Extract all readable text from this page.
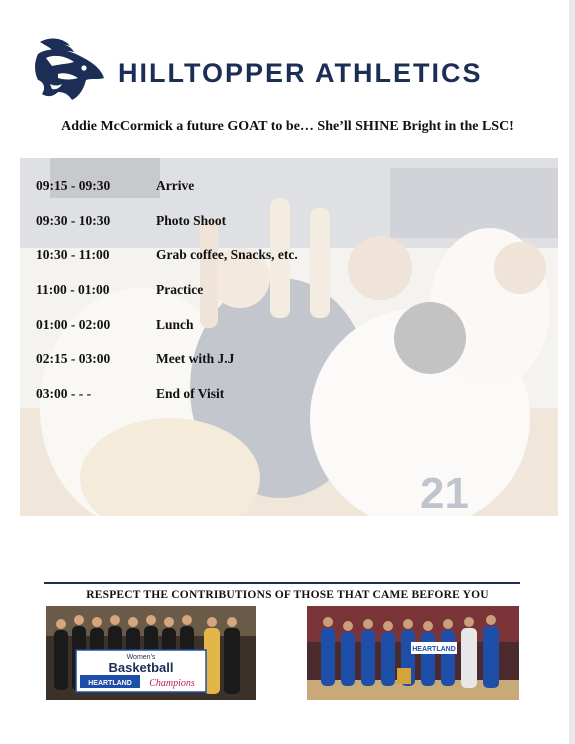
HILLTOPPER ATHLETICS
Addie McCormick a future GOAT to be… She’ll SHINE Bright in the LSC!
09:15 - 09:30	Arrive
09:30 - 10:30	Photo Shoot
10:30 - 11:00	Grab coffee, Snacks, etc.
11:00 - 01:00	Practice
01:00 - 02:00	Lunch
02:15 - 03:00	Meet with J.J
03:00 - - -	End of Visit
RESPECT THE CONTRIBUTIONS OF THOSE THAT CAME BEFORE YOU
Women's
Basketball
HEARTLAND Champions
HEARTLAND
